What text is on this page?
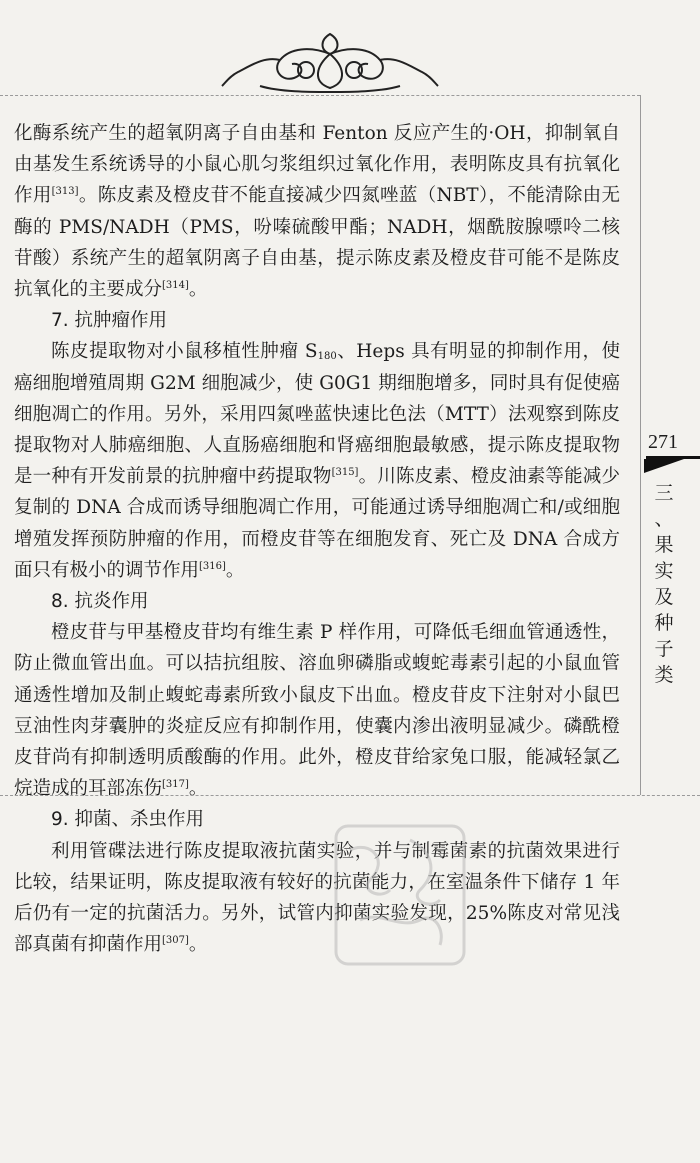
化酶系统产生的超氧阴离子自由基和 Fenton 反应产生的·OH，抑制氧自由基发生系统诱导的小鼠心肌匀浆组织过氧化作用，表明陈皮具有抗氧化作用[313]。陈皮素及橙皮苷不能直接减少四氮唑蓝（NBT），不能清除由无酶的 PMS/NADH（PMS，吩嗪硫酸甲酯；NADH，烟酰胺腺嘌呤二核苷酸）系统产生的超氧阴离子自由基，提示陈皮素及橙皮苷可能不是陈皮抗氧化的主要成分[314]。

7. 抗肿瘤作用

陈皮提取物对小鼠移植性肿瘤 $S_{180}$、Heps 具有明显的抑制作用，使癌细胞增殖周期 G2M 细胞减少，使 G0G1 期细胞增多，同时具有促使癌细胞凋亡的作用。另外，采用四氮唑蓝快速比色法（MTT）法观察到陈皮提取物对人肺癌细胞、人直肠癌细胞和肾癌细胞最敏感，提示陈皮提取物是一种有开发前景的抗肿瘤中药提取物[315]。川陈皮素、橙皮油素等能减少复制的 DNA 合成而诱导细胞凋亡作用，可能通过诱导细胞凋亡和/或细胞增殖发挥预防肿瘤的作用，而橙皮苷等在细胞发育、死亡及 DNA 合成方面只有极小的调节作用[316]。

8. 抗炎作用

橙皮苷与甲基橙皮苷均有维生素 P 样作用，可降低毛细血管通透性，防止微血管出血。可以拮抗组胺、溶血卵磷脂或蝮蛇毒素引起的小鼠血管通透性增加及制止蝮蛇毒素所致小鼠皮下出血。橙皮苷皮下注射对小鼠巴豆油性肉芽囊肿的炎症反应有抑制作用，使囊内渗出液明显减少。磷酰橙皮苷尚有抑制透明质酸酶的作用。此外，橙皮苷给家兔口服，能减轻氯乙烷造成的耳部冻伤[317]。

9. 抑菌、杀虫作用

利用管碟法进行陈皮提取液抗菌实验，并与制霉菌素的抗菌效果进行比较，结果证明，陈皮提取液有较好的抗菌能力，在室温条件下储存 1 年后仍有一定的抗菌活力。另外，试管内抑菌实验发现，25%陈皮对常见浅部真菌有抑菌作用[307]。

271
三
、
果
实
及
种
子
类
